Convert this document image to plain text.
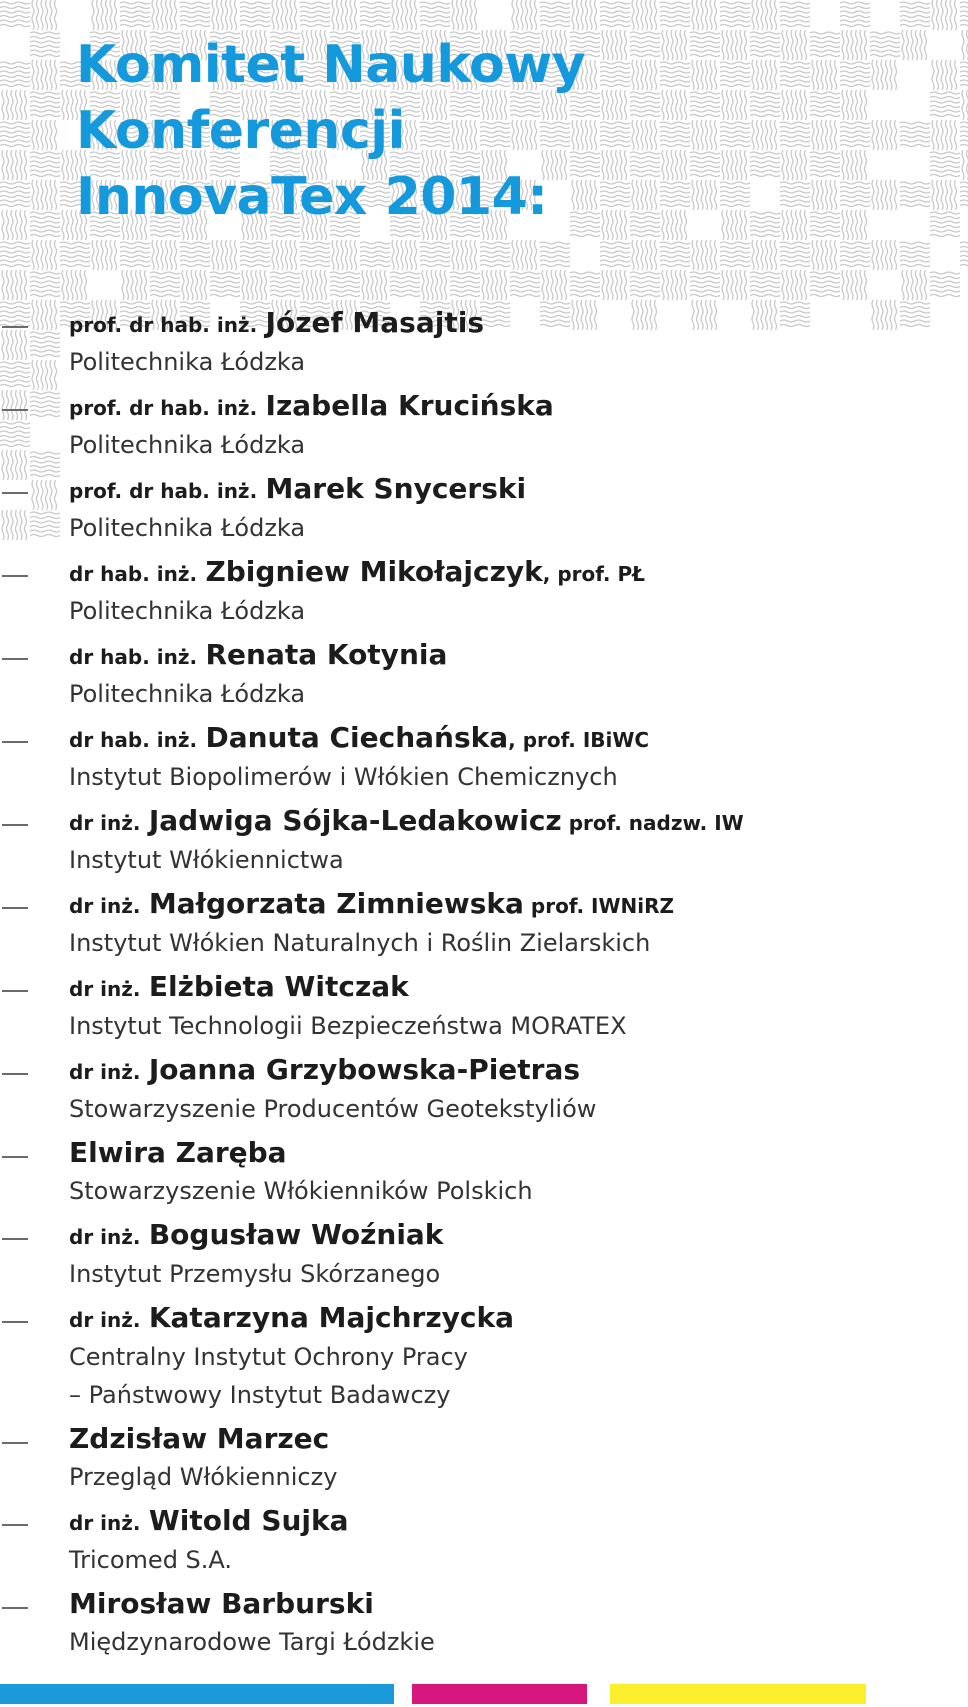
Komitet Naukowy
Konferencji
InnovaTex 2014:
prof. dr hab. inż. Józef Masajtis
Politechnika Łódzka
prof. dr hab. inż. Izabella Krucińska
Politechnika Łódzka
prof. dr hab. inż. Marek Snycerski
Politechnika Łódzka
dr hab. inż. Zbigniew Mikołajczyk, prof. PŁ
Politechnika Łódzka
dr hab. inż. Renata Kotynia
Politechnika Łódzka
dr hab. inż. Danuta Ciechańska, prof. IBiWC
Instytut Biopolimerów i Włókien Chemicznych
dr inż. Jadwiga Sójka-Ledakowicz prof. nadzw. IW
Instytut Włókiennictwa
dr inż. Małgorzata Zimniewska prof. IWNiRZ
Instytut Włókien Naturalnych i Roślin Zielarskich
dr inż. Elżbieta Witczak
Instytut Technologii Bezpieczeństwa MORATEX
dr inż. Joanna Grzybowska-Pietras
Stowarzyszenie Producentów Geotekstyliów
Elwira Zaręba
Stowarzyszenie Włókienników Polskich
dr inż. Bogusław Woźniak
Instytut Przemysłu Skórzanego
dr inż. Katarzyna Majchrzycka
Centralny Instytut Ochrony Pracy
– Państwowy Instytut Badawczy
Zdzisław Marzec
Przegląd Włókienniczy
dr inż. Witold Sujka
Tricomed S.A.
Mirosław Barburski
Międzynarodowe Targi Łódzkie
